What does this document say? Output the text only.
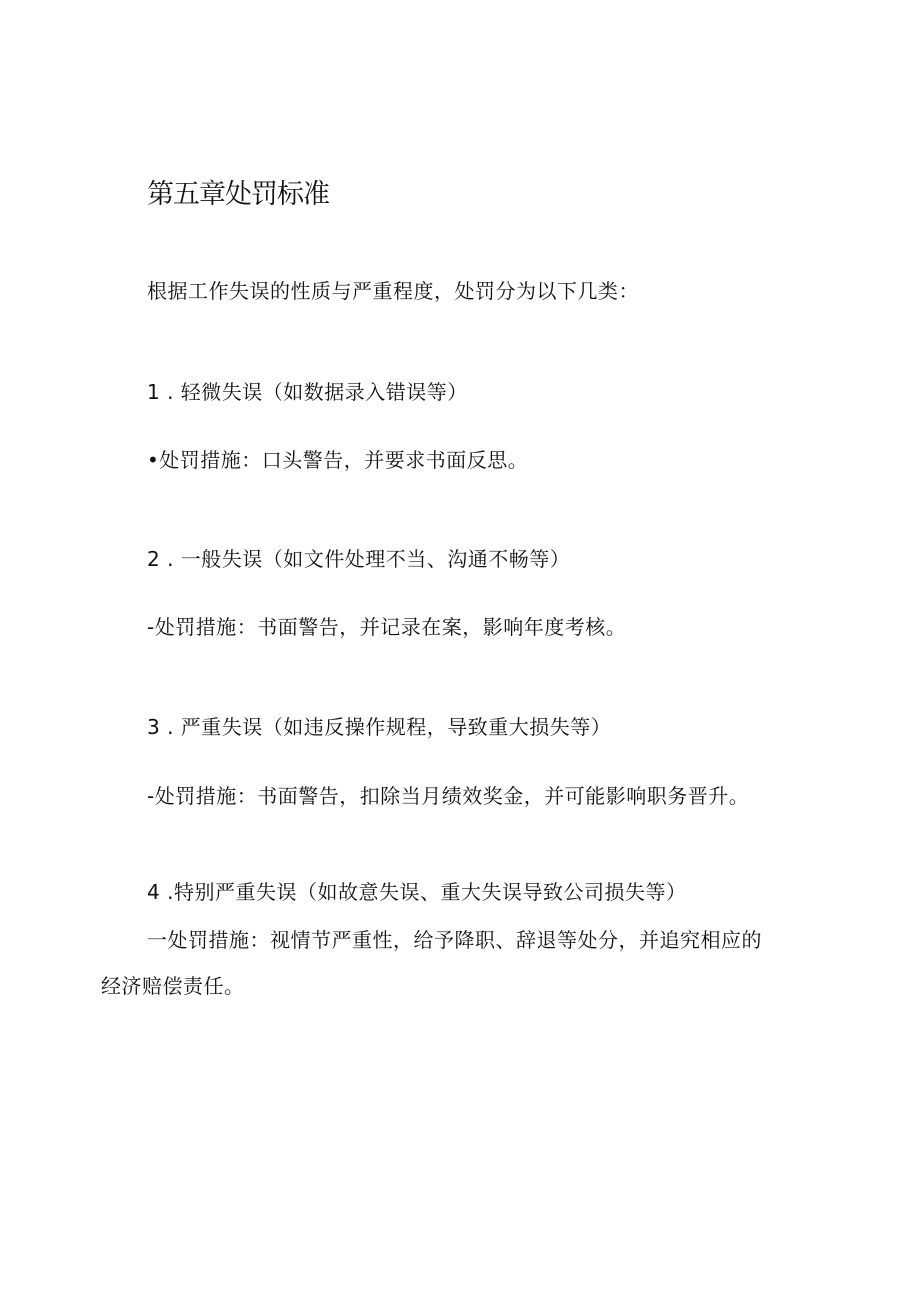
第五章处罚标准
根据工作失误的性质与严重程度，处罚分为以下几类：
1 . 轻微失误（如数据录入错误等）
•处罚措施：口头警告，并要求书面反思。
2 . 一般失误（如文件处理不当、沟通不畅等）
-处罚措施：书面警告，并记录在案，影响年度考核。
3 . 严重失误（如违反操作规程，导致重大损失等）
-处罚措施：书面警告，扣除当月绩效奖金，并可能影响职务晋升。
4 .特别严重失误（如故意失误、重大失误导致公司损失等）
一处罚措施：视情节严重性，给予降职、辞退等处分，并追究相应的
经济赔偿责任。
